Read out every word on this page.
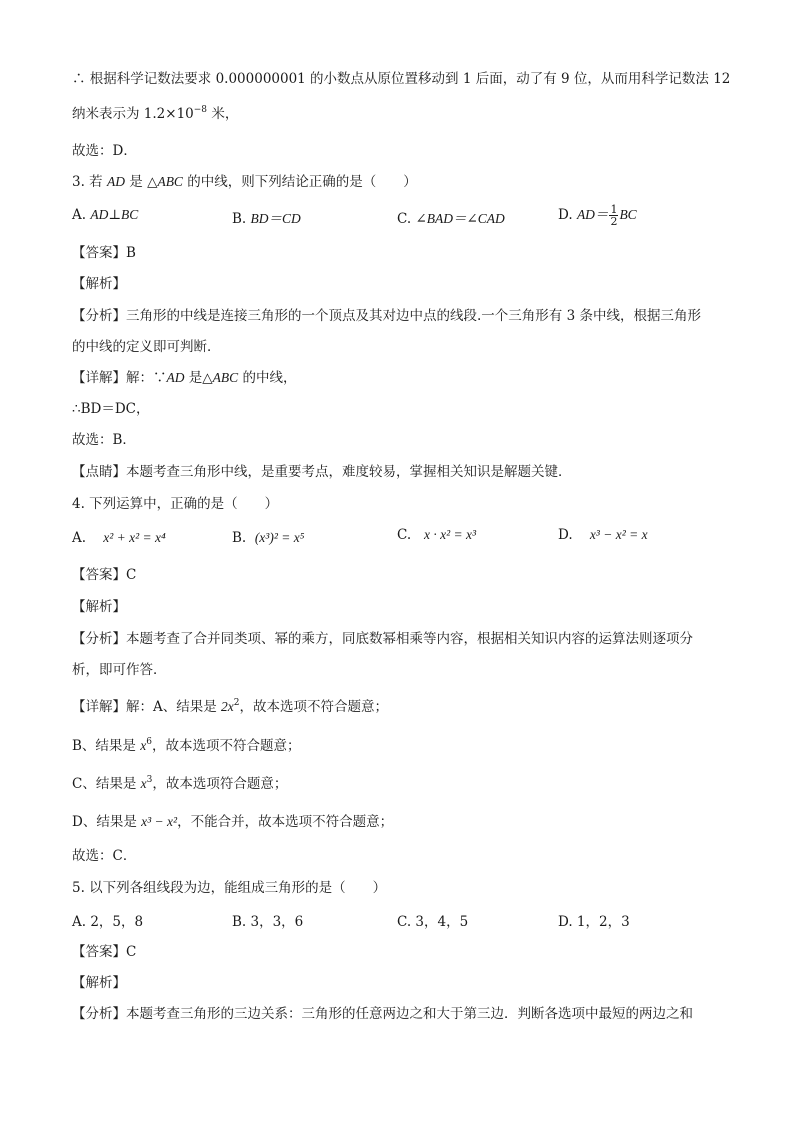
∴ 根据科学记数法要求 0.000000001 的小数点从原位置移动到 1 后面，动了有 9 位，从而用科学记数法 12
纳米表示为 $1.2\times 10^{-8}$ 米，
故选：D．
3. 若 AD 是 △ABC 的中线，则下列结论正确的是（　　）
A. AD⊥BC	B. BD＝CD	C. ∠BAD＝∠CAD	D. $AD= \frac{1}{2}$ BC
【答案】B
【解析】
【分析】三角形的中线是连接三角形的一个顶点及其对边中点的线段.一个三角形有 3 条中线，根据三角形
的中线的定义即可判断．
【详解】解：∵AD 是△ABC 的中线，
∴BD＝DC，
故选：B．
【点睛】本题考查三角形中线，是重要考点，难度较易，掌握相关知识是解题关键．
4. 下列运算中，正确的是（　　）
A. x² + x² = x⁴	B. (x³)² = x⁵	C. x · x² = x³	D. x³ − x² = x
【答案】C
【解析】
【分析】本题考查了合并同类项、幂的乘方，同底数幂相乘等内容，根据相关知识内容的运算法则逐项分
析，即可作答．
【详解】解：A、结果是 $2x^2$，故本选项不符合题意；
B、结果是 $x^6$，故本选项不符合题意；
C、结果是 $x^3$，故本选项符合题意；
D、结果是 x³ − x²，不能合并，故本选项不符合题意；
故选：C．
5. 以下列各组线段为边，能组成三角形的是（　　）
A. 2，5，8	B. 3，3，6	C. 3，4，5	D. 1，2，3
【答案】C
【解析】
【分析】本题考查三角形的三边关系：三角形的任意两边之和大于第三边．判断各选项中最短的两边之和
